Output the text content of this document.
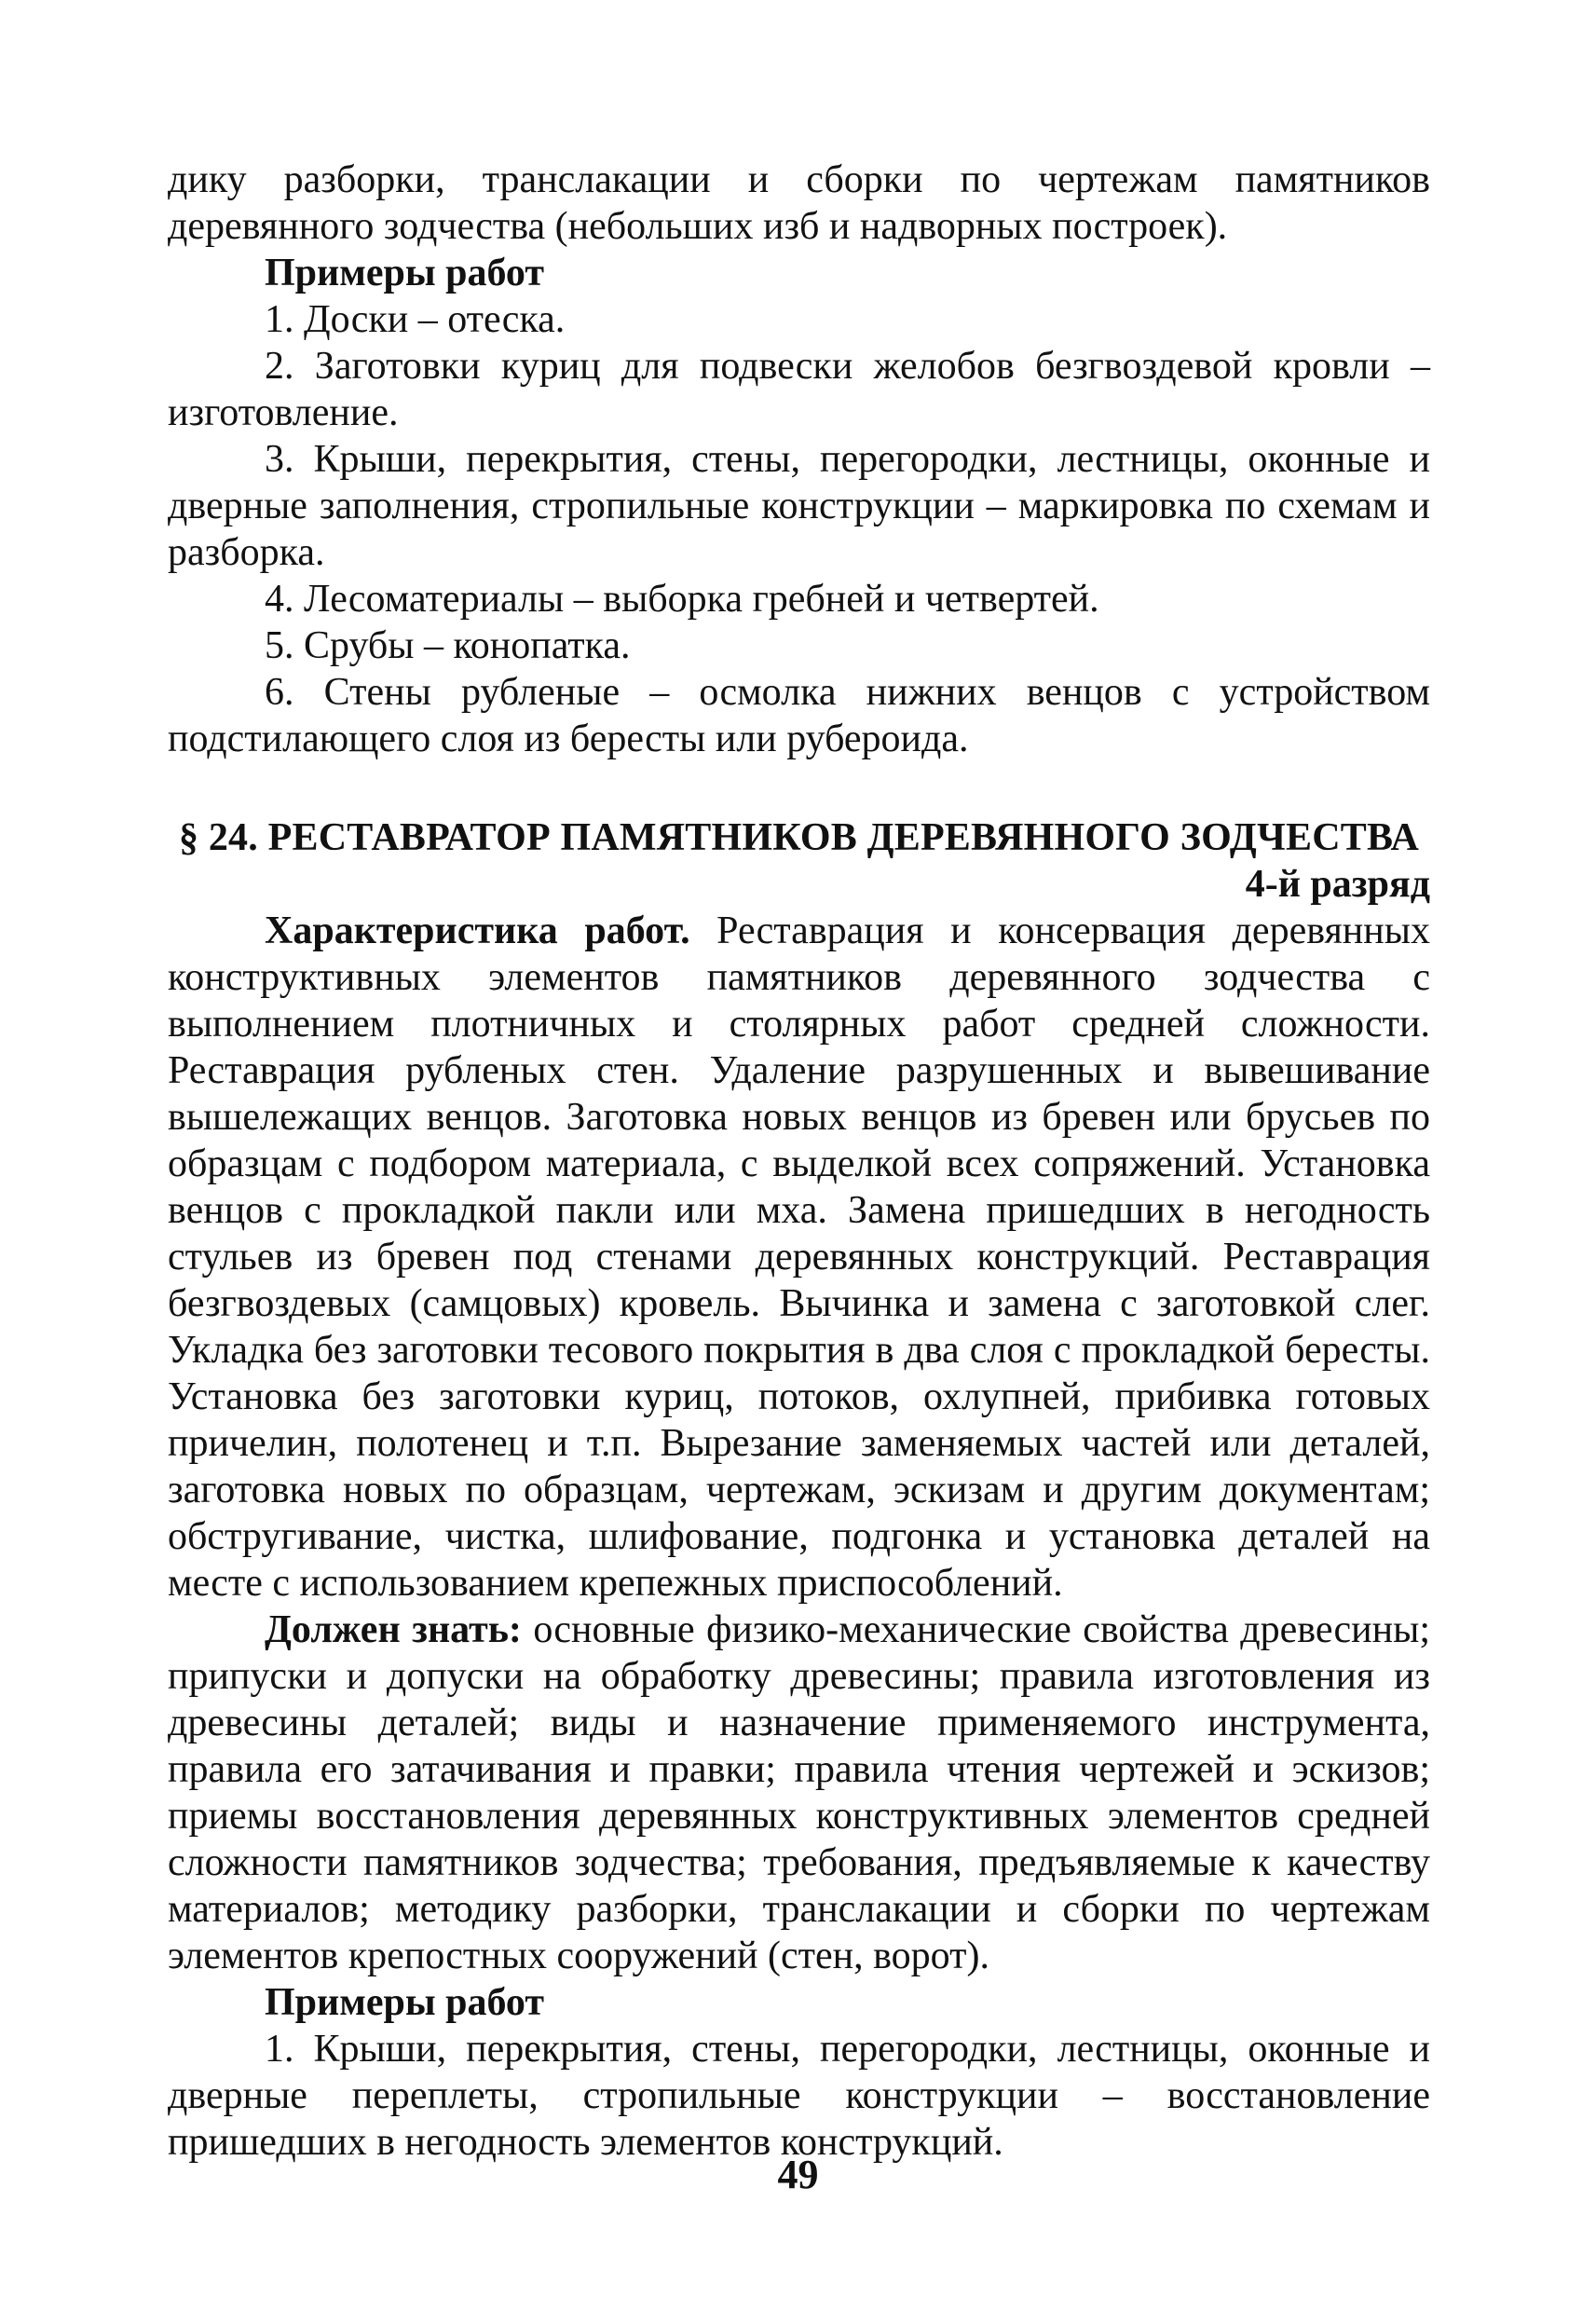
дику разборки, транслакации и сборки по чертежам памятников деревянного зодчества (небольших изб и надворных построек).

Примеры работ

1. Доски – отеска.

2. Заготовки куриц для подвески желобов безгвоздевой кровли – изготовление.

3. Крыши, перекрытия, стены, перегородки, лестницы, оконные и дверные заполнения, стропильные конструкции – маркировка по схемам и разборка.

4. Лесоматериалы – выборка гребней и четвертей.

5. Срубы – конопатка.

6. Стены рубленые – осмолка нижних венцов с устройством подстилающего слоя из бересты или рубероида.

§ 24. РЕСТАВРАТОР ПАМЯТНИКОВ ДЕРЕВЯННОГО ЗОДЧЕСТВА

4-й разряд

Характеристика работ. Реставрация и консервация деревянных конструктивных элементов памятников деревянного зодчества с выполнением плотничных и столярных работ средней сложности. Реставрация рубленых стен. Удаление разрушенных и вывешивание вышележащих венцов. Заготовка новых венцов из бревен или брусьев по образцам с подбором материала, с выделкой всех сопряжений. Установка венцов с прокладкой пакли или мха. Замена пришедших в негодность стульев из бревен под стенами деревянных конструкций. Реставрация безгвоздевых (самцовых) кровель. Вычинка и замена с заготовкой слег. Укладка без заготовки тесового покрытия в два слоя с прокладкой бересты. Установка без заготовки куриц, потоков, охлупней, прибивка готовых причелин, полотенец и т.п. Вырезание заменяемых частей или деталей, заготовка новых по образцам, чертежам, эскизам и другим документам; обстругивание, чистка, шлифование, подгонка и установка деталей на месте с использованием крепежных приспособлений.

Должен знать: основные физико-механические свойства древесины; припуски и допуски на обработку древесины; правила изготовления из древесины деталей; виды и назначение применяемого инструмента, правила его затачивания и правки; правила чтения чертежей и эскизов; приемы восстановления деревянных конструктивных элементов средней сложности памятников зодчества; требования, предъявляемые к качеству материалов; методику разборки, транслакации и сборки по чертежам элементов крепостных сооружений (стен, ворот).

Примеры работ

1. Крыши, перекрытия, стены, перегородки, лестницы, оконные и дверные переплеты, стропильные конструкции – восстановление пришедших в негодность элементов конструкций.

49
